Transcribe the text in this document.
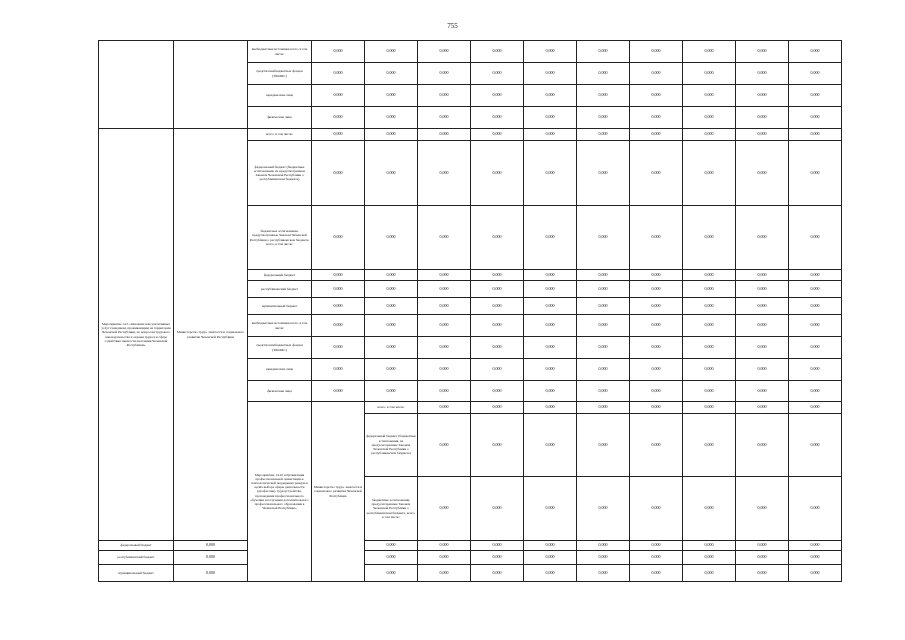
755
		внебюджетные источники всего, в том числе:	0,000	0,000	0,000	0,000	0,000	0,000	0,000	0,000	0,000	0,000	
		средства внебюджетных фондов (ТФОМС)	0,000	0,000	0,000	0,000	0,000	0,000	0,000	0,000	0,000	0,000	
		юридические лица	0,000	0,000	0,000	0,000	0,000	0,000	0,000	0,000	0,000	0,000	
		физические лица	0,000	0,000	0,000	0,000	0,000	0,000	0,000	0,000	0,000	0,000	
Мероприятие 14.5 «Оказание консультативных услуг гражданам, проживающим на территории Чеченской Республики, по вопросам трудового законодательства и охраны труда и в сфере содействия занятости населения Чеченской Республики»	Министерство труда, занятости и социального развития Чеченской Республики	всего, в том числе:	0,000	0,000	0,000	0,000	0,000	0,000	0,000	0,000	0,000	0,000	
		федеральный бюджет (бюджетные ассигнования, не предусмотренные Законом Чеченской Республики о республиканском бюджете)	0,000	0,000	0,000	0,000	0,000	0,000	0,000	0,000	0,000	0,000	
		бюджетные ассигнования, предусмотренные Законом Чеченской Республики о республиканском бюджете, всего, в том числе:	0,000	0,000	0,000	0,000	0,000	0,000	0,000	0,000	0,000	0,000	
		федеральный бюджет	0,000	0,000	0,000	0,000	0,000	0,000	0,000	0,000	0,000	0,000	
		республиканский бюджет	0,000	0,000	0,000	0,000	0,000	0,000	0,000	0,000	0,000	0,000	
		муниципальный бюджет	0,000	0,000	0,000	0,000	0,000	0,000	0,000	0,000	0,000	0,000	
		внебюджетные источники всего, в том числе:	0,000	0,000	0,000	0,000	0,000	0,000	0,000	0,000	0,000	0,000	
		средства внебюджетных фондов (ТФОМС)	0,000	0,000	0,000	0,000	0,000	0,000	0,000	0,000	0,000	0,000	
		юридические лица	0,000	0,000	0,000	0,000	0,000	0,000	0,000	0,000	0,000	0,000	
		физические лица	0,000	0,000	0,000	0,000	0,000	0,000	0,000	0,000	0,000	0,000	
		Мероприятие 14.10 «Организация профессиональной ориентации и психологической поддержки граждан в целях выбора сферы деятельности (профессии), трудоустройства, прохождения профессионального обучения и получения дополнительного профессионального образования в Чеченской Республике»	Министерство труда, занятости и социального развития Чеченской Республики	всего, в том числе:	0,000	0,000	0,000	0,000	0,000	0,000	0,000	0,000		
				федеральный бюджет (бюджетные ассигнования, не предусмотренные Законом Чеченской Республики о республиканском бюджете)	0,000	0,000	0,000	0,000	0,000	0,000	0,000	0,000		
				бюджетные ассигнования, предусмотренные Законом Чеченской Республики о республиканском бюджете, всего, в том числе:	0,000	0,000	0,000	0,000	0,000	0,000	0,000	0,000		
федеральный бюджет	0,000			0,000	0,000	0,000	0,000	0,000	0,000	0,000	0,000	0,000	
республиканский бюджет	0,000			0,000	0,000	0,000	0,000	0,000	0,000	0,000	0,000	0,000	
муниципальный бюджет	0,000			0,000	0,000	0,000	0,000	0,000	0,000	0,000	0,000	0,000	
